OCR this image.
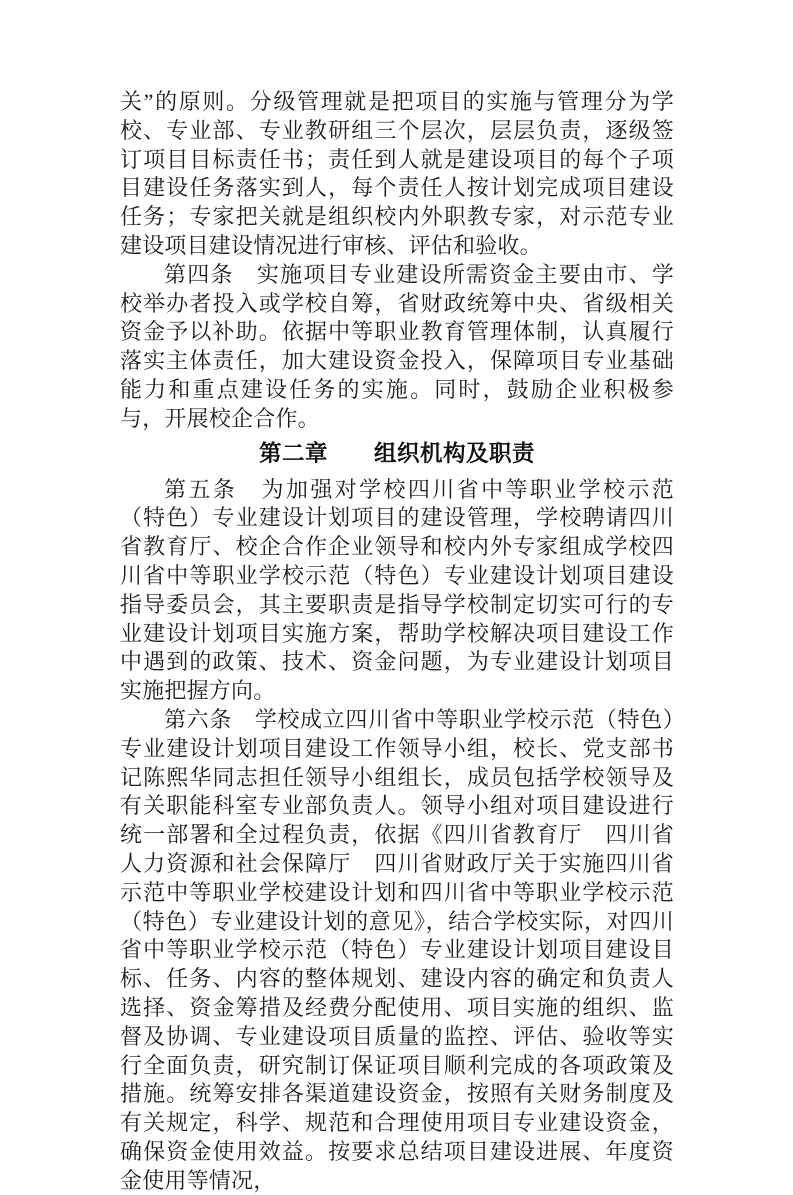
关”的原则。分级管理就是把项目的实施与管理分为学校、专业部、专业教研组三个层次，层层负责，逐级签订项目目标责任书；责任到人就是建设项目的每个子项目建设任务落实到人，每个责任人按计划完成项目建设任务；专家把关就是组织校内外职教专家，对示范专业建设项目建设情况进行审核、评估和验收。

第四条　实施项目专业建设所需资金主要由市、学校举办者投入或学校自筹，省财政统筹中央、省级相关资金予以补助。依据中等职业教育管理体制，认真履行落实主体责任，加大建设资金投入，保障项目专业基础能力和重点建设任务的实施。同时，鼓励企业积极参与，开展校企合作。

第二章　　组织机构及职责

第五条　为加强对学校四川省中等职业学校示范（特色）专业建设计划项目的建设管理，学校聘请四川省教育厅、校企合作企业领导和校内外专家组成学校四川省中等职业学校示范（特色）专业建设计划项目建设指导委员会，其主要职责是指导学校制定切实可行的专业建设计划项目实施方案，帮助学校解决项目建设工作中遇到的政策、技术、资金问题，为专业建设计划项目实施把握方向。

第六条　学校成立四川省中等职业学校示范（特色）专业建设计划项目建设工作领导小组，校长、党支部书记陈熙华同志担任领导小组组长，成员包括学校领导及有关职能科室专业部负责人。领导小组对项目建设进行统一部署和全过程负责，依据《四川省教育厅　四川省人力资源和社会保障厅　四川省财政厅关于实施四川省示范中等职业学校建设计划和四川省中等职业学校示范（特色）专业建设计划的意见》，结合学校实际，对四川省中等职业学校示范（特色）专业建设计划项目建设目标、任务、内容的整体规划、建设内容的确定和负责人选择、资金筹措及经费分配使用、项目实施的组织、监督及协调、专业建设项目质量的监控、评估、验收等实行全面负责，研究制订保证项目顺利完成的各项政策及措施。统筹安排各渠道建设资金，按照有关财务制度及有关规定，科学、规范和合理使用项目专业建设资金，确保资金使用效益。按要求总结项目建设进展、年度资金使用等情况，
